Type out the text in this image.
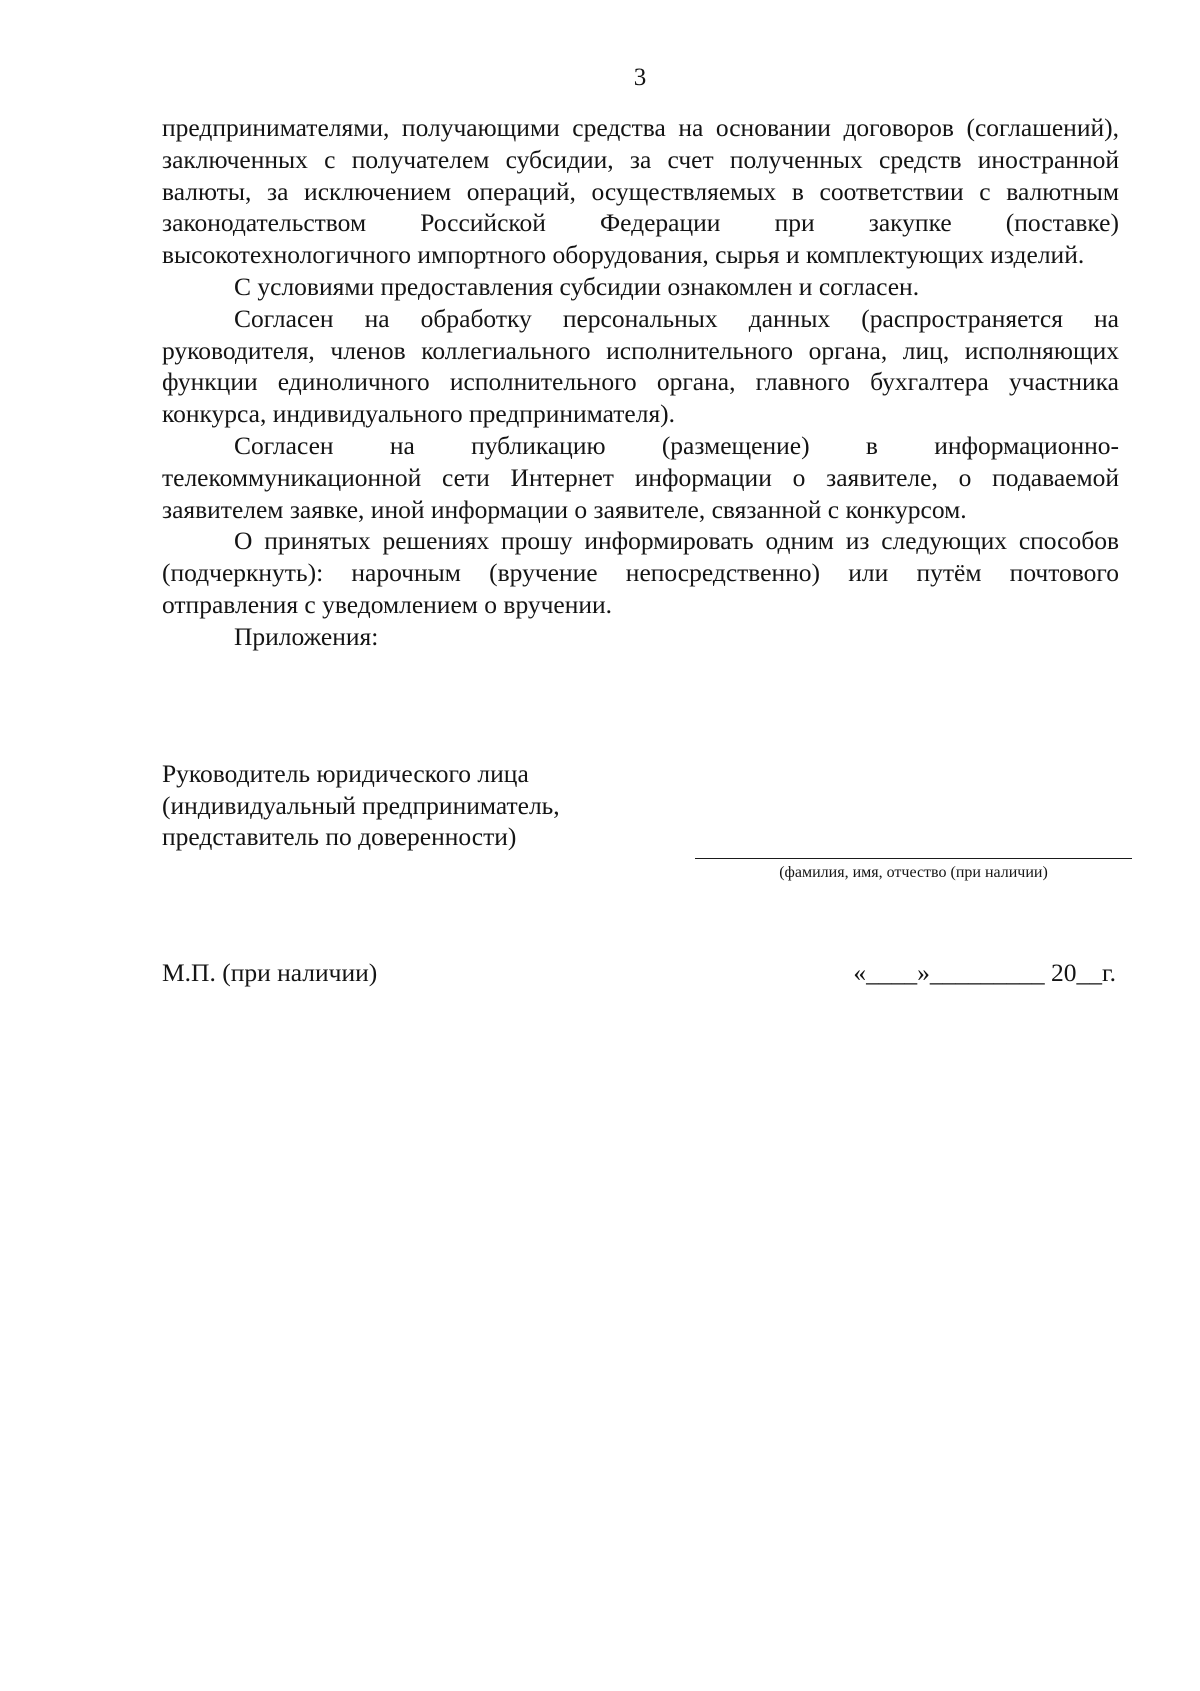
3

предпринимателями, получающими средства на основании договоров (соглашений), заключенных с получателем субсидии, за счет полученных средств иностранной валюты, за исключением операций, осуществляемых в соответствии с валютным законодательством Российской Федерации при закупке (поставке) высокотехнологичного импортного оборудования, сырья и комплектующих изделий.

С условиями предоставления субсидии ознакомлен и согласен.

Согласен на обработку персональных данных (распространяется на руководителя, членов коллегиального исполнительного органа, лиц, исполняющих функции единоличного исполнительного органа, главного бухгалтера участника конкурса, индивидуального предпринимателя).

Согласен на публикацию (размещение) в информационно-телекоммуникационной сети Интернет информации о заявителе, о подаваемой заявителем заявке, иной информации о заявителе, связанной с конкурсом.

О принятых решениях прошу информировать одним из следующих способов (подчеркнуть): нарочным (вручение непосредственно) или путём почтового отправления с уведомлением о вручении.

Приложения:

Руководитель юридического лица
(индивидуальный предприниматель,
представитель по доверенности)
(фамилия, имя, отчество (при наличии)
М.П. (при наличии)	«____»_________ 20__г.
